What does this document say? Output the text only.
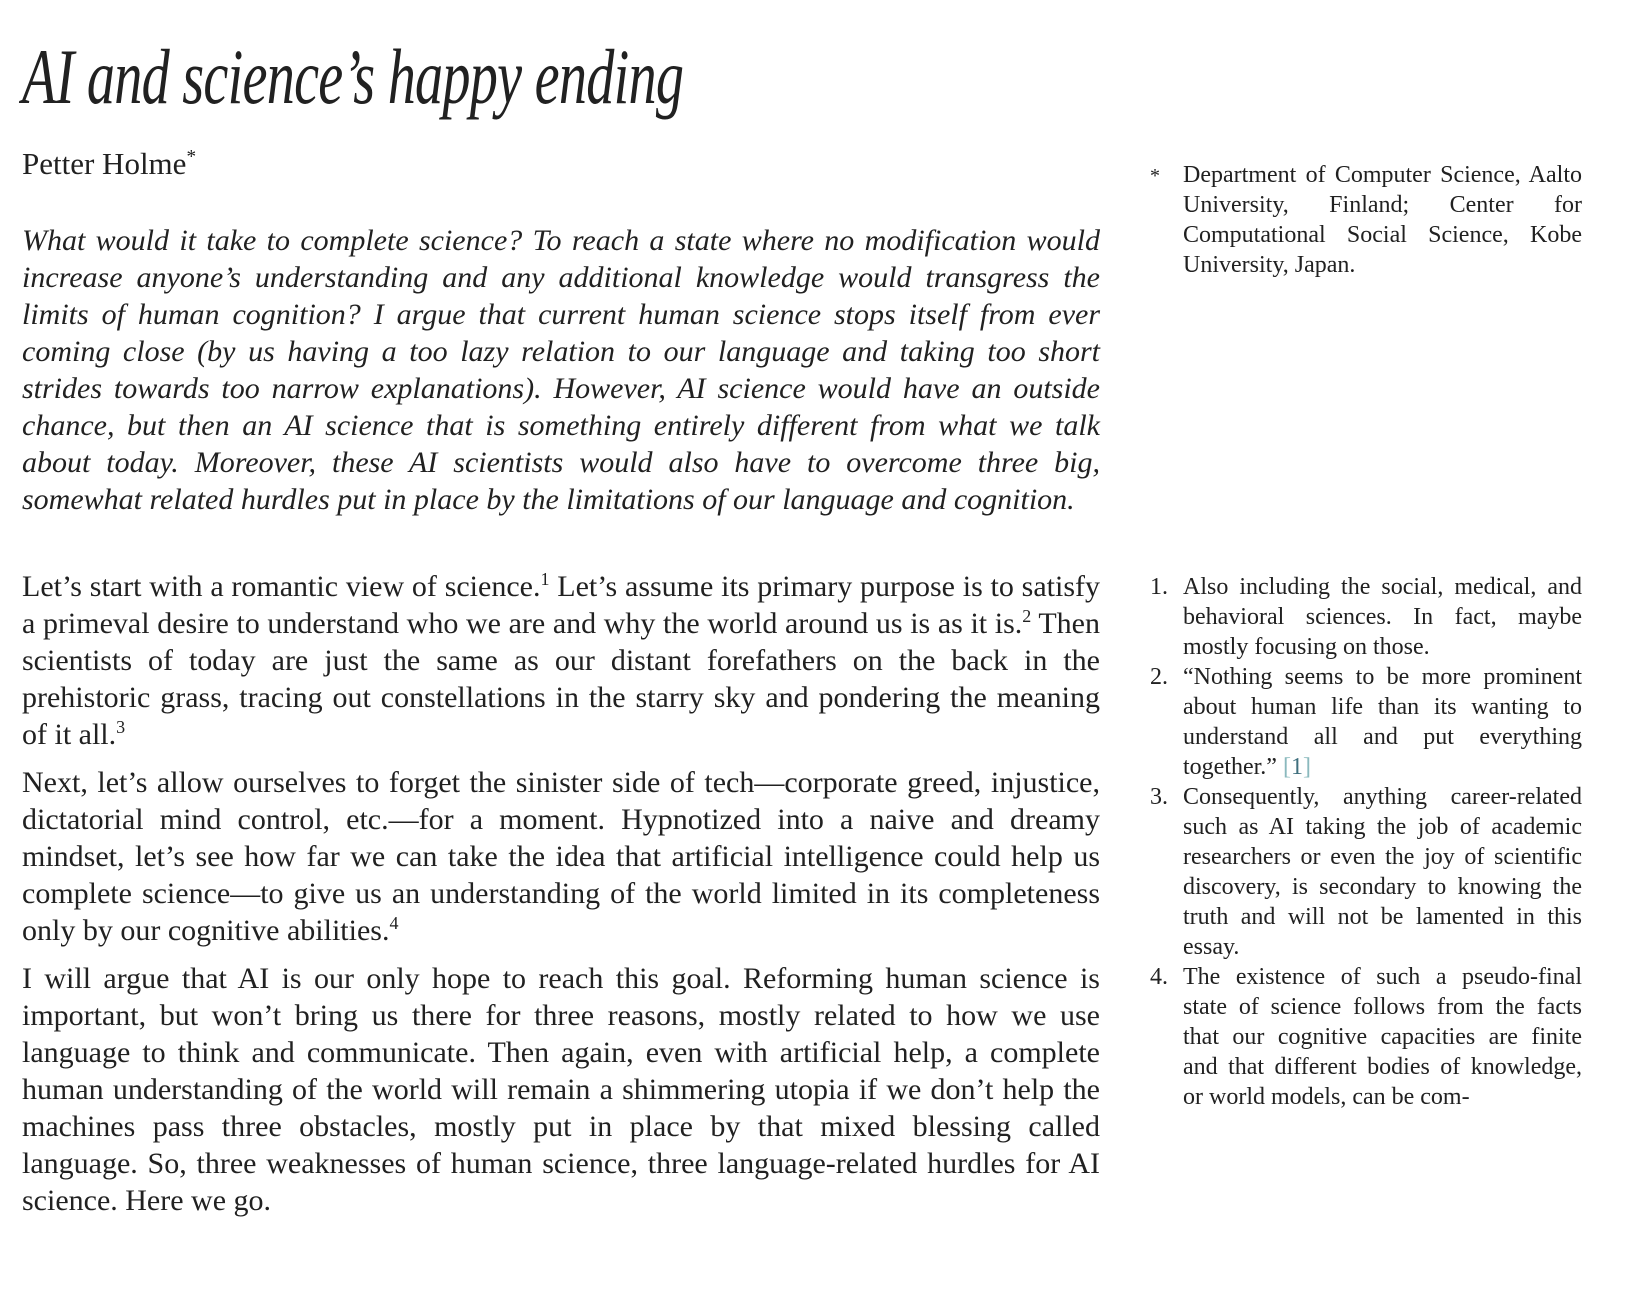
AI and science’s happy ending
Petter Holme*
What would it take to complete science? To reach a state where no modification would increase anyone’s understanding and any additional knowledge would transgress the limits of human cognition? I argue that current human science stops itself from ever coming close (by us having a too lazy relation to our language and taking too short strides towards too narrow explanations). However, AI science would have an outside chance, but then an AI science that is something entirely different from what we talk about today. Moreover, these AI scientists would also have to overcome three big, somewhat related hurdles put in place by the limitations of our language and cognition.

Let’s start with a romantic view of science.$^1$ Let’s assume its primary purpose is to satisfy a primeval desire to understand who we are and why the world around us is as it is.$^2$ Then scientists of today are just the same as our distant forefathers on the back in the prehistoric grass, tracing out constellations in the starry sky and pondering the meaning of it all.$^3$

Next, let’s allow ourselves to forget the sinister side of tech—corporate greed, injustice, dictatorial mind control, etc.—for a moment. Hypnotized into a naive and dreamy mindset, let’s see how far we can take the idea that artificial intelligence could help us complete science—to give us an understanding of the world limited in its completeness only by our cognitive abilities.$^4$

I will argue that AI is our only hope to reach this goal. Reforming human science is important, but won’t bring us there for three reasons, mostly related to how we use language to think and communicate. Then again, even with artificial help, a complete human understanding of the world will remain a shimmering utopia if we don’t help the machines pass three obstacles, mostly put in place by that mixed blessing called language. So, three weaknesses of human science, three language-related hurdles for AI science. Here we go.

* Department of Computer Science, Aalto University, Finland; Center for Computational Social Science, Kobe University, Japan.
1. Also including the social, medical, and behavioral sciences. In fact, maybe mostly focusing on those.
2. “Nothing seems to be more prominent about human life than its wanting to understand all and put everything together.” [1]
3. Consequently, anything career-related such as AI taking the job of academic researchers or even the joy of scientific discovery, is secondary to knowing the truth and will not be lamented in this essay.
4. The existence of such a pseudo-final state of science follows from the facts that our cognitive capacities are finite and that different bodies of knowledge, or world models, can be com-
